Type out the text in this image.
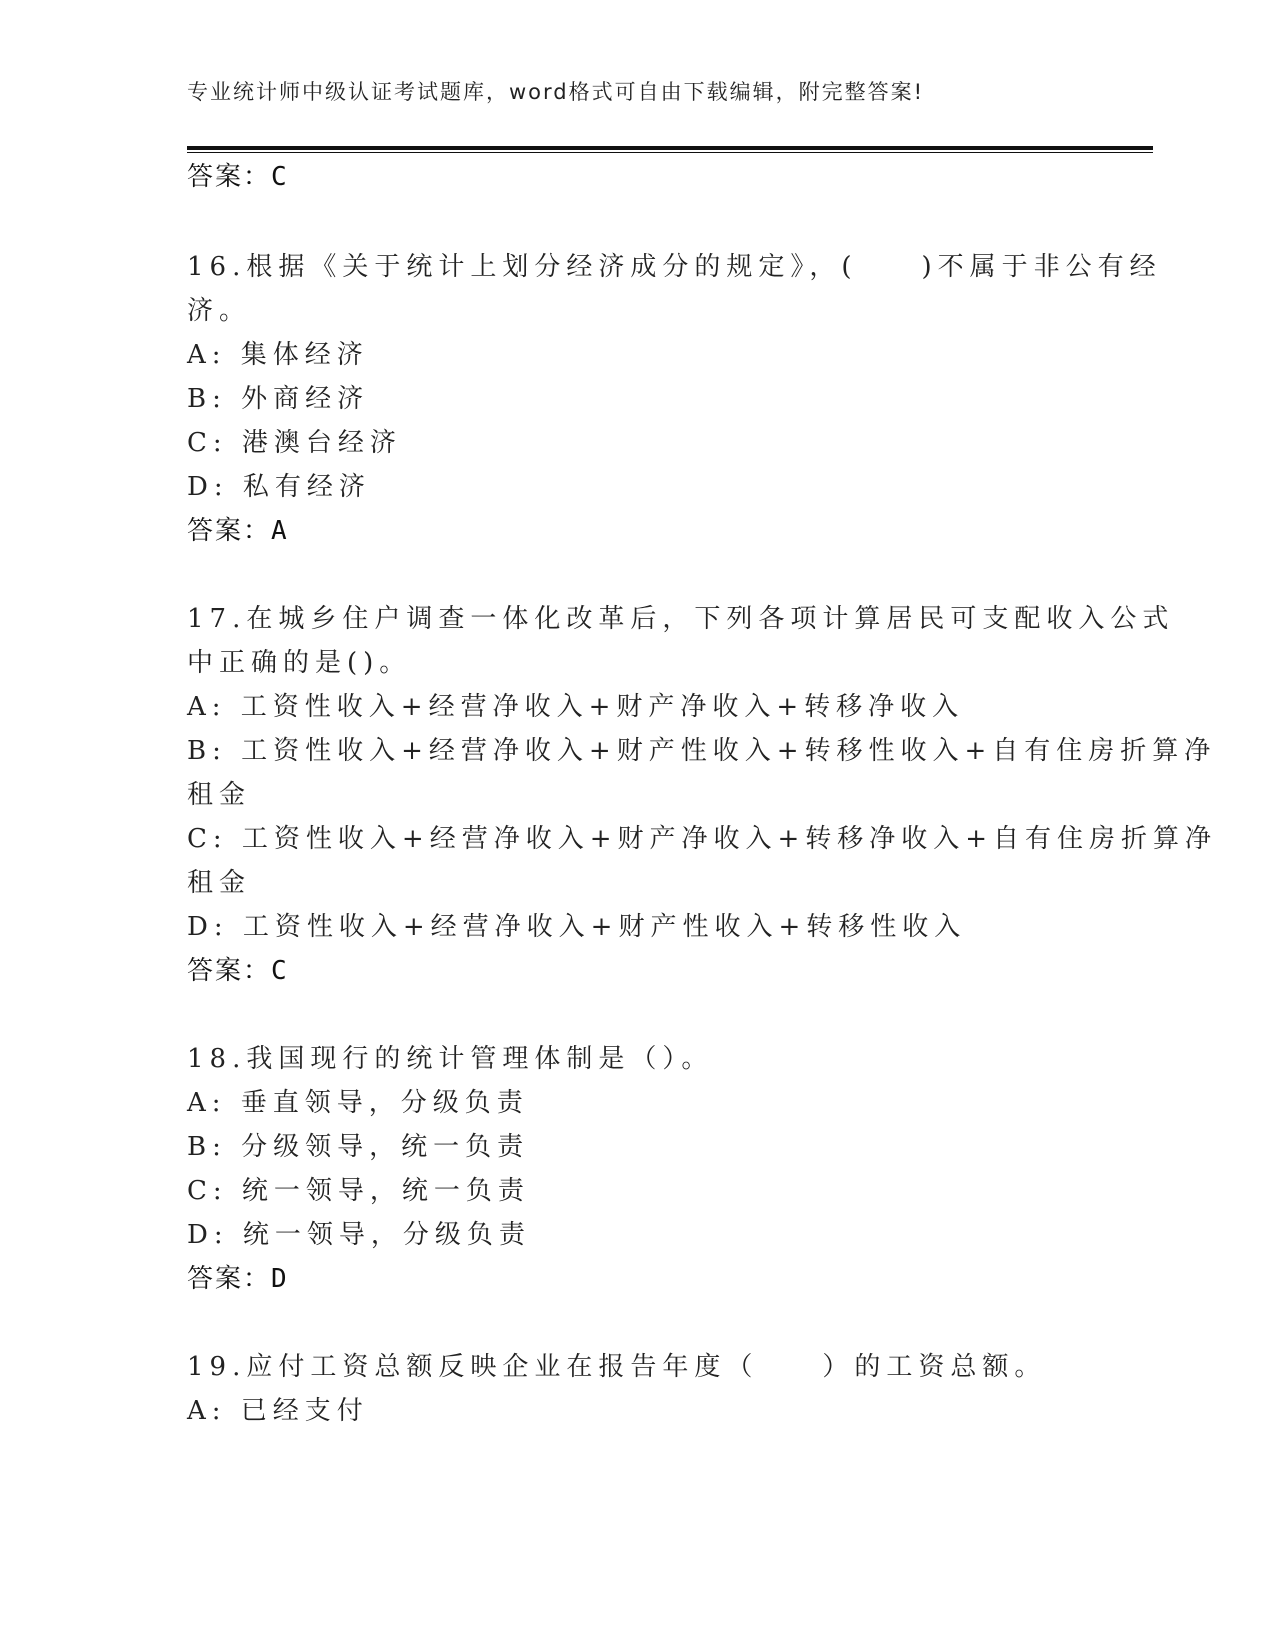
专业统计师中级认证考试题库，word格式可自由下载编辑，附完整答案!
答案：C
16.根据《关于统计上划分经济成分的规定》，(　　)不属于非公有经
济。
A: 集体经济
B: 外商经济
C: 港澳台经济
D: 私有经济
答案：A
17.在城乡住户调查一体化改革后，下列各项计算居民可支配收入公式
中正确的是()。
A: 工资性收入+经营净收入+财产净收入+转移净收入
B: 工资性收入+经营净收入+财产性收入+转移性收入+自有住房折算净
租金
C: 工资性收入+经营净收入+财产净收入+转移净收入+自有住房折算净
租金
D: 工资性收入+经营净收入+财产性收入+转移性收入
答案：C
18.我国现行的统计管理体制是（）。
A: 垂直领导，分级负责
B: 分级领导，统一负责
C: 统一领导，统一负责
D: 统一领导，分级负责
答案：D
19.应付工资总额反映企业在报告年度（　　）的工资总额。
A: 已经支付
